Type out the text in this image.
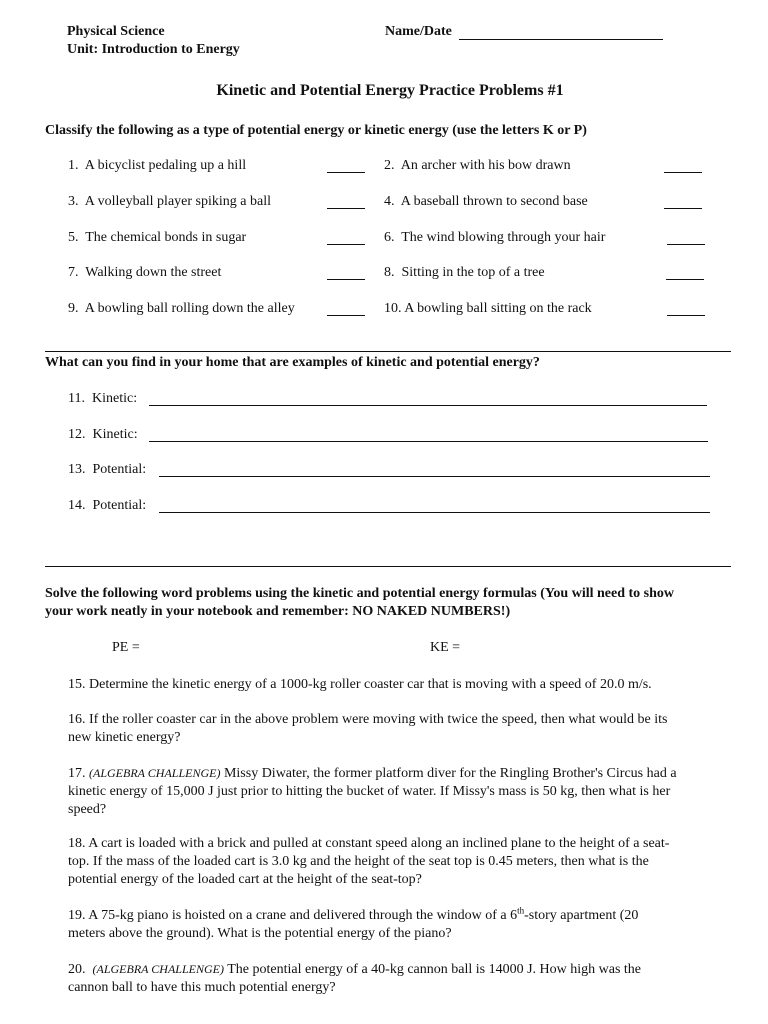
Physical Science
Unit: Introduction to Energy
Name/Date
Kinetic and Potential Energy Practice Problems #1
Classify the following as a type of potential energy or kinetic energy (use the letters K or P)
1. A bicyclist pedaling up a hill
3. A volleyball player spiking a ball
5. The chemical bonds in sugar
7. Walking down the street
9. A bowling ball rolling down the alley
2. An archer with his bow drawn
4. A baseball thrown to second base
6. The wind blowing through your hair
8. Sitting in the top of a tree
10. A bowling ball sitting on the rack
What can you find in your home that are examples of kinetic and potential energy?
11. Kinetic:
12. Kinetic:
13. Potential:
14. Potential:
Solve the following word problems using the kinetic and potential energy formulas (You will need to show
your work neatly in your notebook and remember: NO NAKED NUMBERS!)
PE =	KE =
15. Determine the kinetic energy of a 1000-kg roller coaster car that is moving with a speed of 20.0 m/s.
16. If the roller coaster car in the above problem were moving with twice the speed, then what would be its
new kinetic energy?
17. (ALGEBRA CHALLENGE) Missy Diwater, the former platform diver for the Ringling Brother's Circus had a
kinetic energy of 15,000 J just prior to hitting the bucket of water. If Missy's mass is 50 kg, then what is her
speed?
18. A cart is loaded with a brick and pulled at constant speed along an inclined plane to the height of a seat-
top. If the mass of the loaded cart is 3.0 kg and the height of the seat top is 0.45 meters, then what is the
potential energy of the loaded cart at the height of the seat-top?
19. A 75-kg piano is hoisted on a crane and delivered through the window of a 6th-story apartment (20
meters above the ground). What is the potential energy of the piano?
20. (ALGEBRA CHALLENGE) The potential energy of a 40-kg cannon ball is 14000 J. How high was the
cannon ball to have this much potential energy?
